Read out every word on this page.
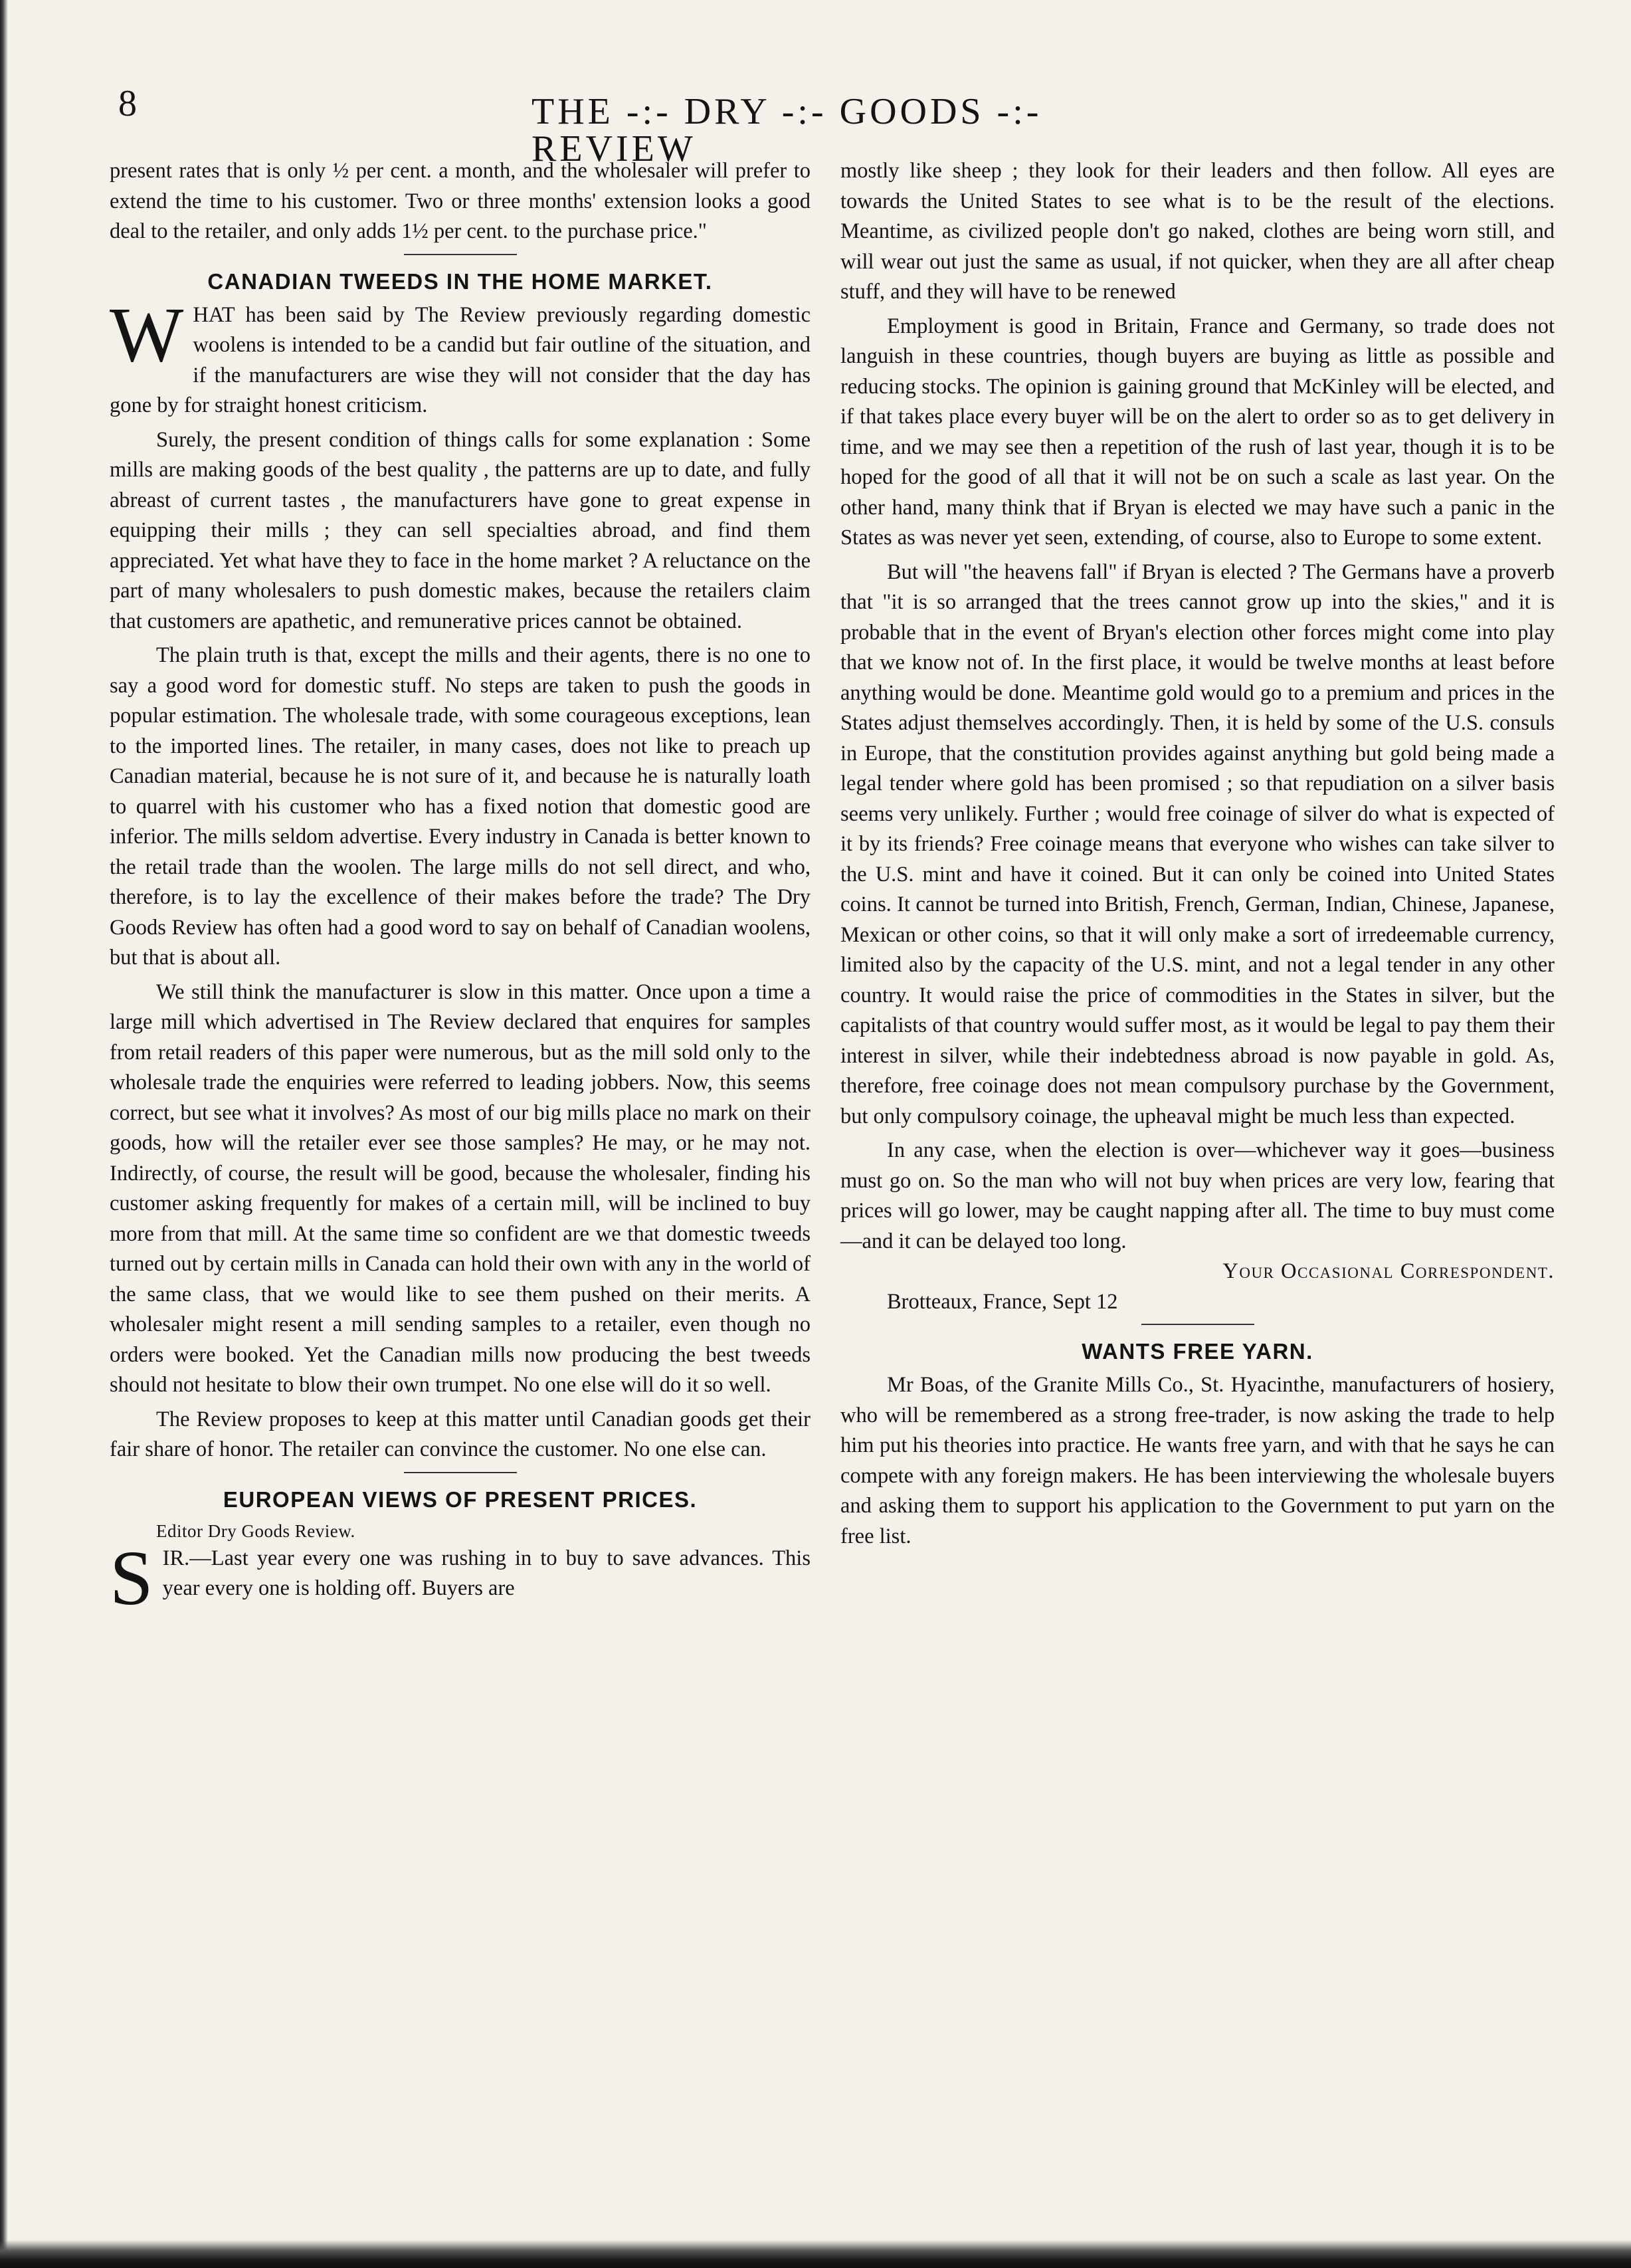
8	THE -:- DRY -:- GOODS -:- REVIEW

present rates that is only ½ per cent. a month, and the wholesaler will prefer to extend the time to his customer. Two or three months' extension looks a good deal to the retailer, and only adds 1½ per cent. to the purchase price."

CANADIAN TWEEDS IN THE HOME MARKET.

W HAT has been said by The Review previously regarding domestic woolens is intended to be a candid but fair outline of the situation, and if the manufacturers are wise they will not consider that the day has gone by for straight honest criticism.

Surely, the present condition of things calls for some explanation : Some mills are making goods of the best quality , the patterns are up to date, and fully abreast of current tastes , the manufacturers have gone to great expense in equipping their mills ; they can sell specialties abroad, and find them appreciated. Yet what have they to face in the home market ? A reluctance on the part of many wholesalers to push domestic makes, because the retailers claim that customers are apathetic, and remunerative prices cannot be obtained.

The plain truth is that, except the mills and their agents, there is no one to say a good word for domestic stuff. No steps are taken to push the goods in popular estimation. The wholesale trade, with some courageous exceptions, lean to the imported lines. The retailer, in many cases, does not like to preach up Canadian material, because he is not sure of it, and because he is naturally loath to quarrel with his customer who has a fixed notion that domestic good are inferior. The mills seldom advertise. Every industry in Canada is better known to the retail trade than the woolen. The large mills do not sell direct, and who, therefore, is to lay the excellence of their makes before the trade? The Dry Goods Review has often had a good word to say on behalf of Canadian woolens, but that is about all.

We still think the manufacturer is slow in this matter. Once upon a time a large mill which advertised in The Review declared that enquires for samples from retail readers of this paper were numerous, but as the mill sold only to the wholesale trade the enquiries were referred to leading jobbers. Now, this seems correct, but see what it involves? As most of our big mills place no mark on their goods, how will the retailer ever see those samples? He may, or he may not. Indirectly, of course, the result will be good, because the wholesaler, finding his customer asking frequently for makes of a certain mill, will be inclined to buy more from that mill. At the same time so confident are we that domestic tweeds turned out by certain mills in Canada can hold their own with any in the world of the same class, that we would like to see them pushed on their merits. A wholesaler might resent a mill sending samples to a retailer, even though no orders were booked. Yet the Canadian mills now producing the best tweeds should not hesitate to blow their own trumpet. No one else will do it so well.

The Review proposes to keep at this matter until Canadian goods get their fair share of honor. The retailer can convince the customer. No one else can.

EUROPEAN VIEWS OF PRESENT PRICES.

Editor Dry Goods Review.

S IR.—Last year every one was rushing in to buy to save advances. This year every one is holding off. Buyers are

mostly like sheep ; they look for their leaders and then follow. All eyes are towards the United States to see what is to be the result of the elections. Meantime, as civilized people don't go naked, clothes are being worn still, and will wear out just the same as usual, if not quicker, when they are all after cheap stuff, and they will have to be renewed

Employment is good in Britain, France and Germany, so trade does not languish in these countries, though buyers are buying as little as possible and reducing stocks. The opinion is gaining ground that McKinley will be elected, and if that takes place every buyer will be on the alert to order so as to get delivery in time, and we may see then a repetition of the rush of last year, though it is to be hoped for the good of all that it will not be on such a scale as last year. On the other hand, many think that if Bryan is elected we may have such a panic in the States as was never yet seen, extending, of course, also to Europe to some extent.

But will "the heavens fall" if Bryan is elected ? The Germans have a proverb that "it is so arranged that the trees cannot grow up into the skies," and it is probable that in the event of Bryan's election other forces might come into play that we know not of. In the first place, it would be twelve months at least before anything would be done. Meantime gold would go to a premium and prices in the States adjust themselves accordingly. Then, it is held by some of the U.S. consuls in Europe, that the constitution provides against anything but gold being made a legal tender where gold has been promised ; so that repudiation on a silver basis seems very unlikely. Further ; would free coinage of silver do what is expected of it by its friends? Free coinage means that everyone who wishes can take silver to the U.S. mint and have it coined. But it can only be coined into United States coins. It cannot be turned into British, French, German, Indian, Chinese, Japanese, Mexican or other coins, so that it will only make a sort of irredeemable currency, limited also by the capacity of the U.S. mint, and not a legal tender in any other country. It would raise the price of commodities in the States in silver, but the capitalists of that country would suffer most, as it would be legal to pay them their interest in silver, while their indebtedness abroad is now payable in gold. As, therefore, free coinage does not mean compulsory purchase by the Government, but only compulsory coinage, the upheaval might be much less than expected.

In any case, when the election is over—whichever way it goes—business must go on. So the man who will not buy when prices are very low, fearing that prices will go lower, may be caught napping after all. The time to buy must come—and it can be delayed too long.

Your Occasional Correspondent.

Brotteaux, France, Sept 12

WANTS FREE YARN.

Mr Boas, of the Granite Mills Co., St. Hyacinthe, manufacturers of hosiery, who will be remembered as a strong free-trader, is now asking the trade to help him put his theories into practice. He wants free yarn, and with that he says he can compete with any foreign makers. He has been interviewing the wholesale buyers and asking them to support his application to the Government to put yarn on the free list.
